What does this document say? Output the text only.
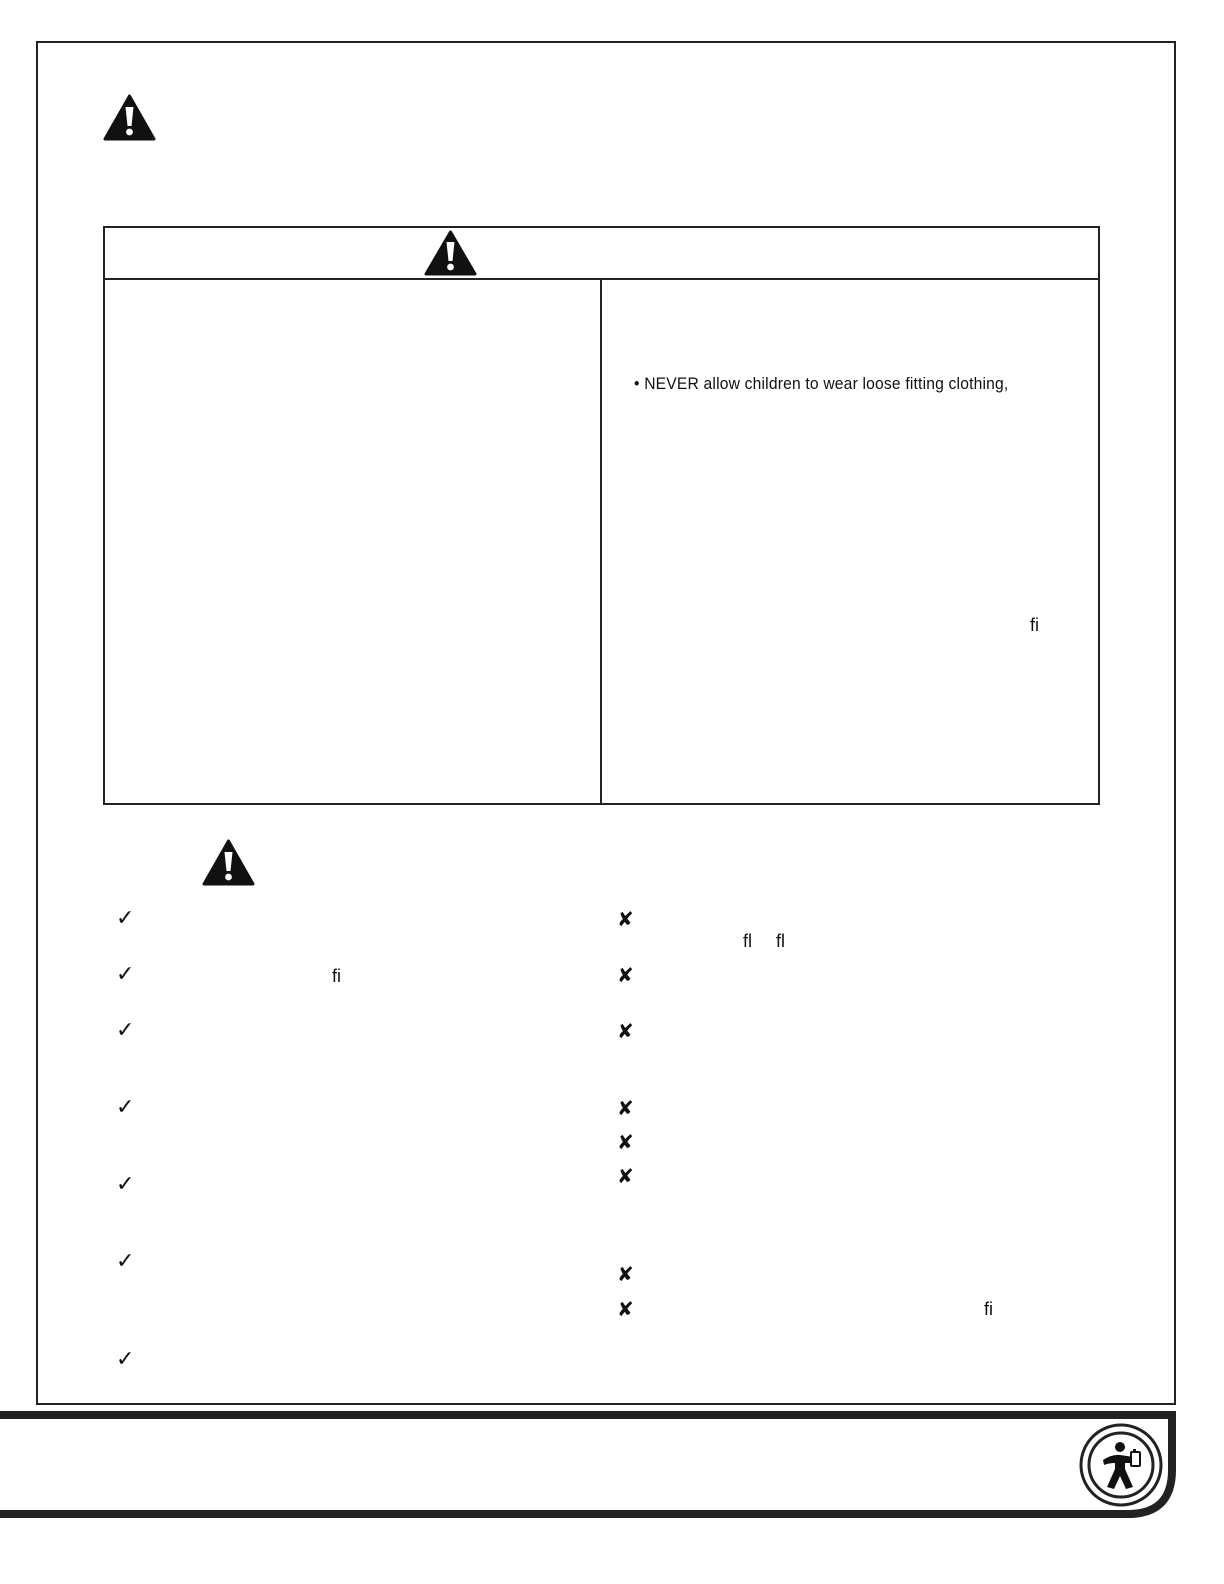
• NEVER allow children to wear loose fitting clothing,
ﬁ
✓
✓	ﬁ
✓
✓
✓
✓
✓
✘
ﬂ ﬂ
✘
✘
✘
✘
✘
✘
✘	ﬁ
